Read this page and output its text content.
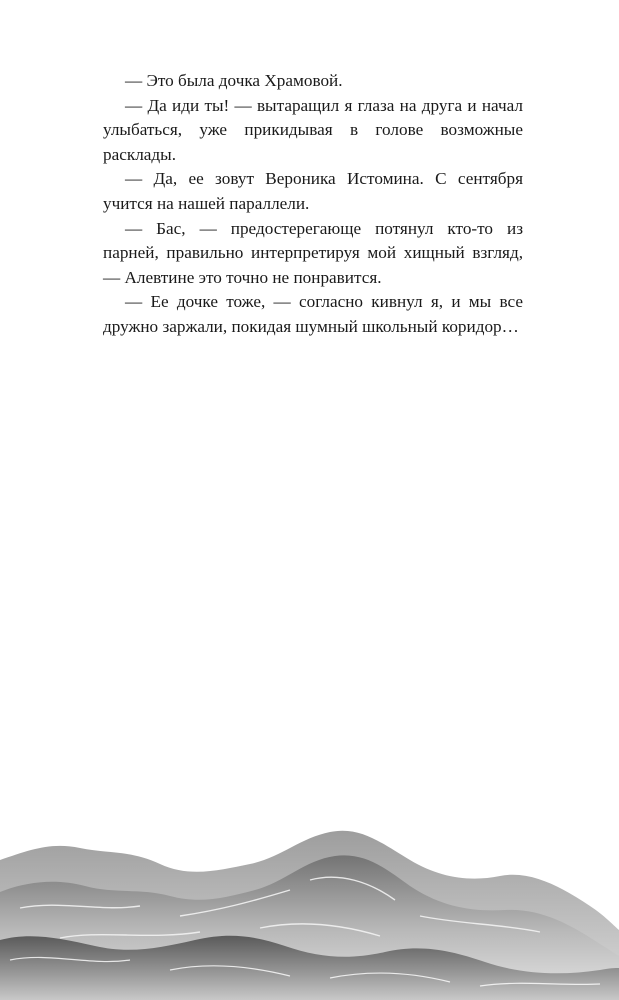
— Это была дочка Храмовой.

— Да иди ты! — вытаращил я глаза на друга и начал улыбаться, уже прикидывая в голове возможные расклады.

— Да, ее зовут Вероника Истомина. С сентября учится на нашей параллели.

— Бас, — предостерегающе потянул кто-то из парней, правильно интерпретируя мой хищный взгляд, — Алевтине это точно не понравится.

— Ее дочке тоже, — согласно кивнул я, и мы все дружно заржали, покидая шумный школьный коридор…
